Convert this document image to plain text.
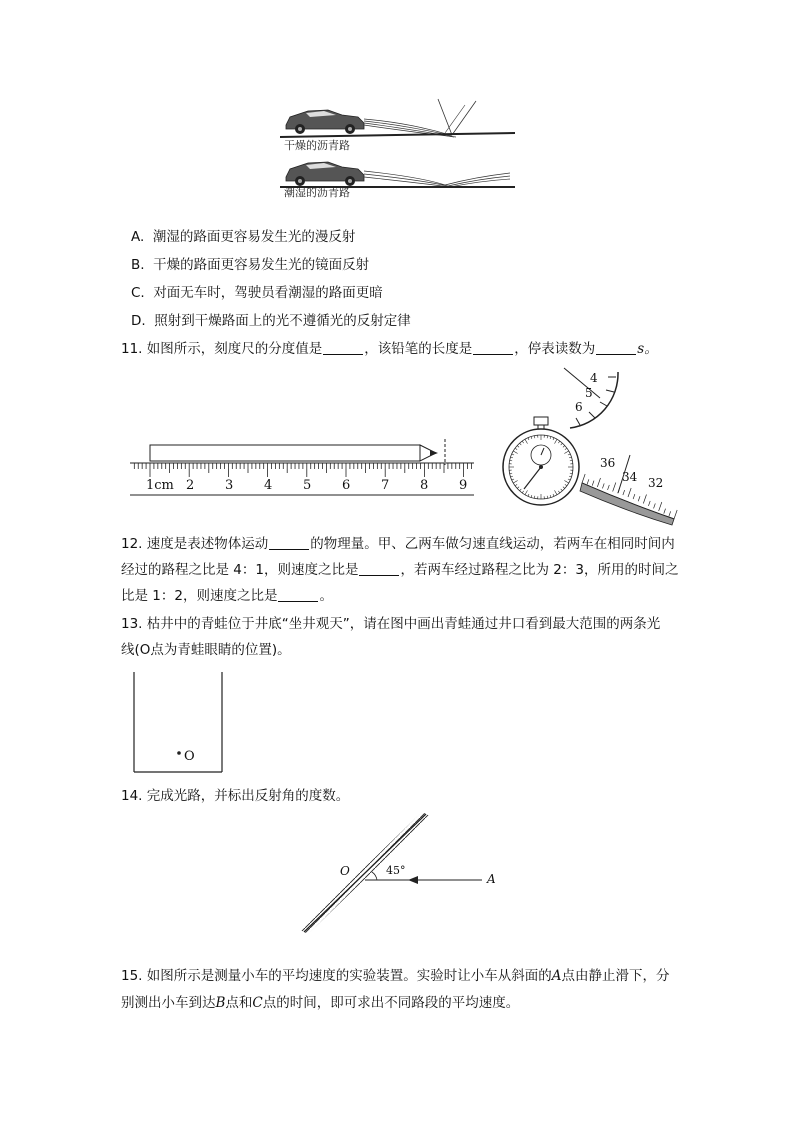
干燥的沥青路
潮湿的沥青路
A. 潮湿的路面更容易发生光的漫反射
B. 干燥的路面更容易发生光的镜面反射
C. 对面无车时，驾驶员看潮湿的路面更暗
D. 照射到干燥路面上的光不遵循光的反射定律
11. 如图所示，刻度尺的分度值是	，该铅笔的长度是	，停表读数为	s。
1cm 2 3 4 5 6 7 8 9
4
5
6
36
34 32
12. 速度是表述物体运动	的物理量。甲、乙两车做匀速直线运动，若两车在相同时间内
经过的路程之比是 4：1，则速度之比是	，若两车经过路程之比为 2：3，所用的时间之
比是 1：2，则速度之比是	。
13. 枯井中的青蛙位于井底“坐井观天”，请在图中画出青蛙通过井口看到最大范围的两条光
线(O点为青蛙眼睛的位置)。
O
14. 完成光路，并标出反射角的度数。
O	45°
A
15. 如图所示是测量小车的平均速度的实验装置。实验时让小车从斜面的A点由静止滑下，分
别测出小车到达B点和C点的时间，即可求出不同路段的平均速度。
